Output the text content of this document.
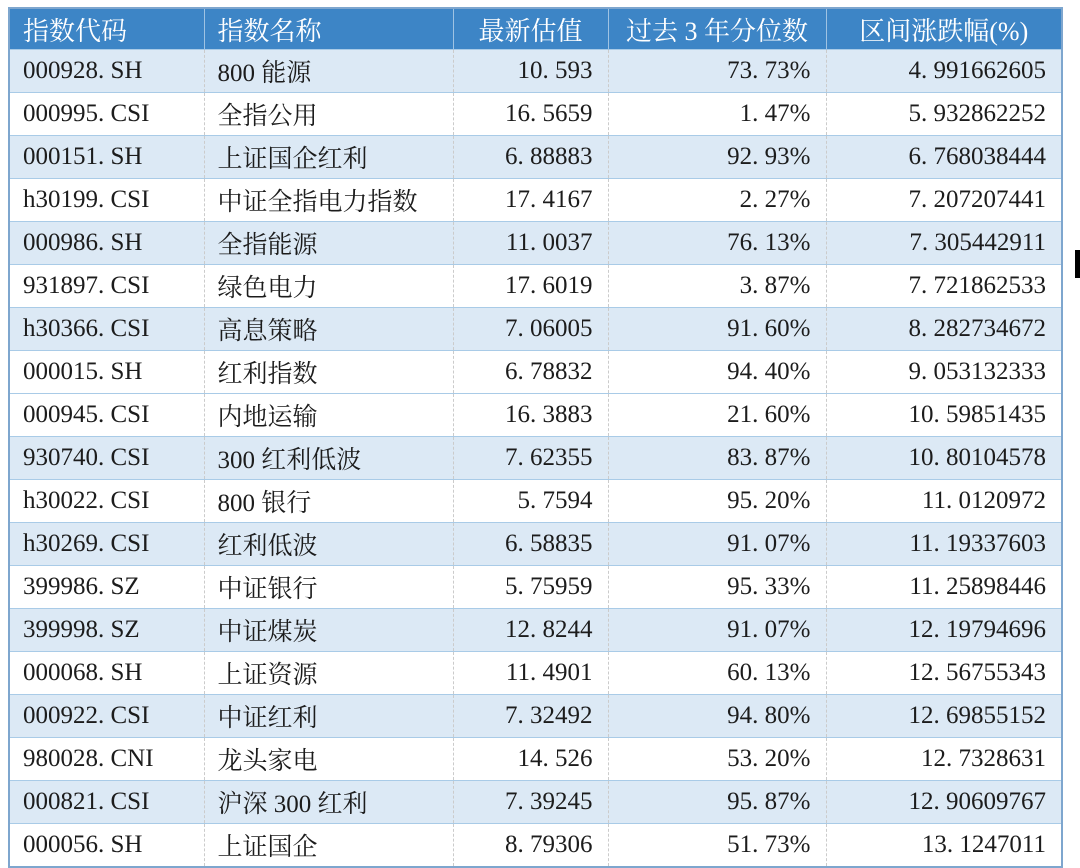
指数代码	指数名称	最新估值	过去 3 年分位数	区间涨跌幅(%)
000928. SH	800 能源	10. 593	73. 73%	4. 991662605
000995. CSI	全指公用	16. 5659	1. 47%	5. 932862252
000151. SH	上证国企红利	6. 88883	92. 93%	6. 768038444
h30199. CSI	中证全指电力指数	17. 4167	2. 27%	7. 207207441
000986. SH	全指能源	11. 0037	76. 13%	7. 305442911
931897. CSI	绿色电力	17. 6019	3. 87%	7. 721862533
h30366. CSI	高息策略	7. 06005	91. 60%	8. 282734672
000015. SH	红利指数	6. 78832	94. 40%	9. 053132333
000945. CSI	内地运输	16. 3883	21. 60%	10. 59851435
930740. CSI	300 红利低波	7. 62355	83. 87%	10. 80104578
h30022. CSI	800 银行	5. 7594	95. 20%	11. 0120972
h30269. CSI	红利低波	6. 58835	91. 07%	11. 19337603
399986. SZ	中证银行	5. 75959	95. 33%	11. 25898446
399998. SZ	中证煤炭	12. 8244	91. 07%	12. 19794696
000068. SH	上证资源	11. 4901	60. 13%	12. 56755343
000922. CSI	中证红利	7. 32492	94. 80%	12. 69855152
980028. CNI	龙头家电	14. 526	53. 20%	12. 7328631
000821. CSI	沪深 300 红利	7. 39245	95. 87%	12. 90609767
000056. SH	上证国企	8. 79306	51. 73%	13. 1247011
